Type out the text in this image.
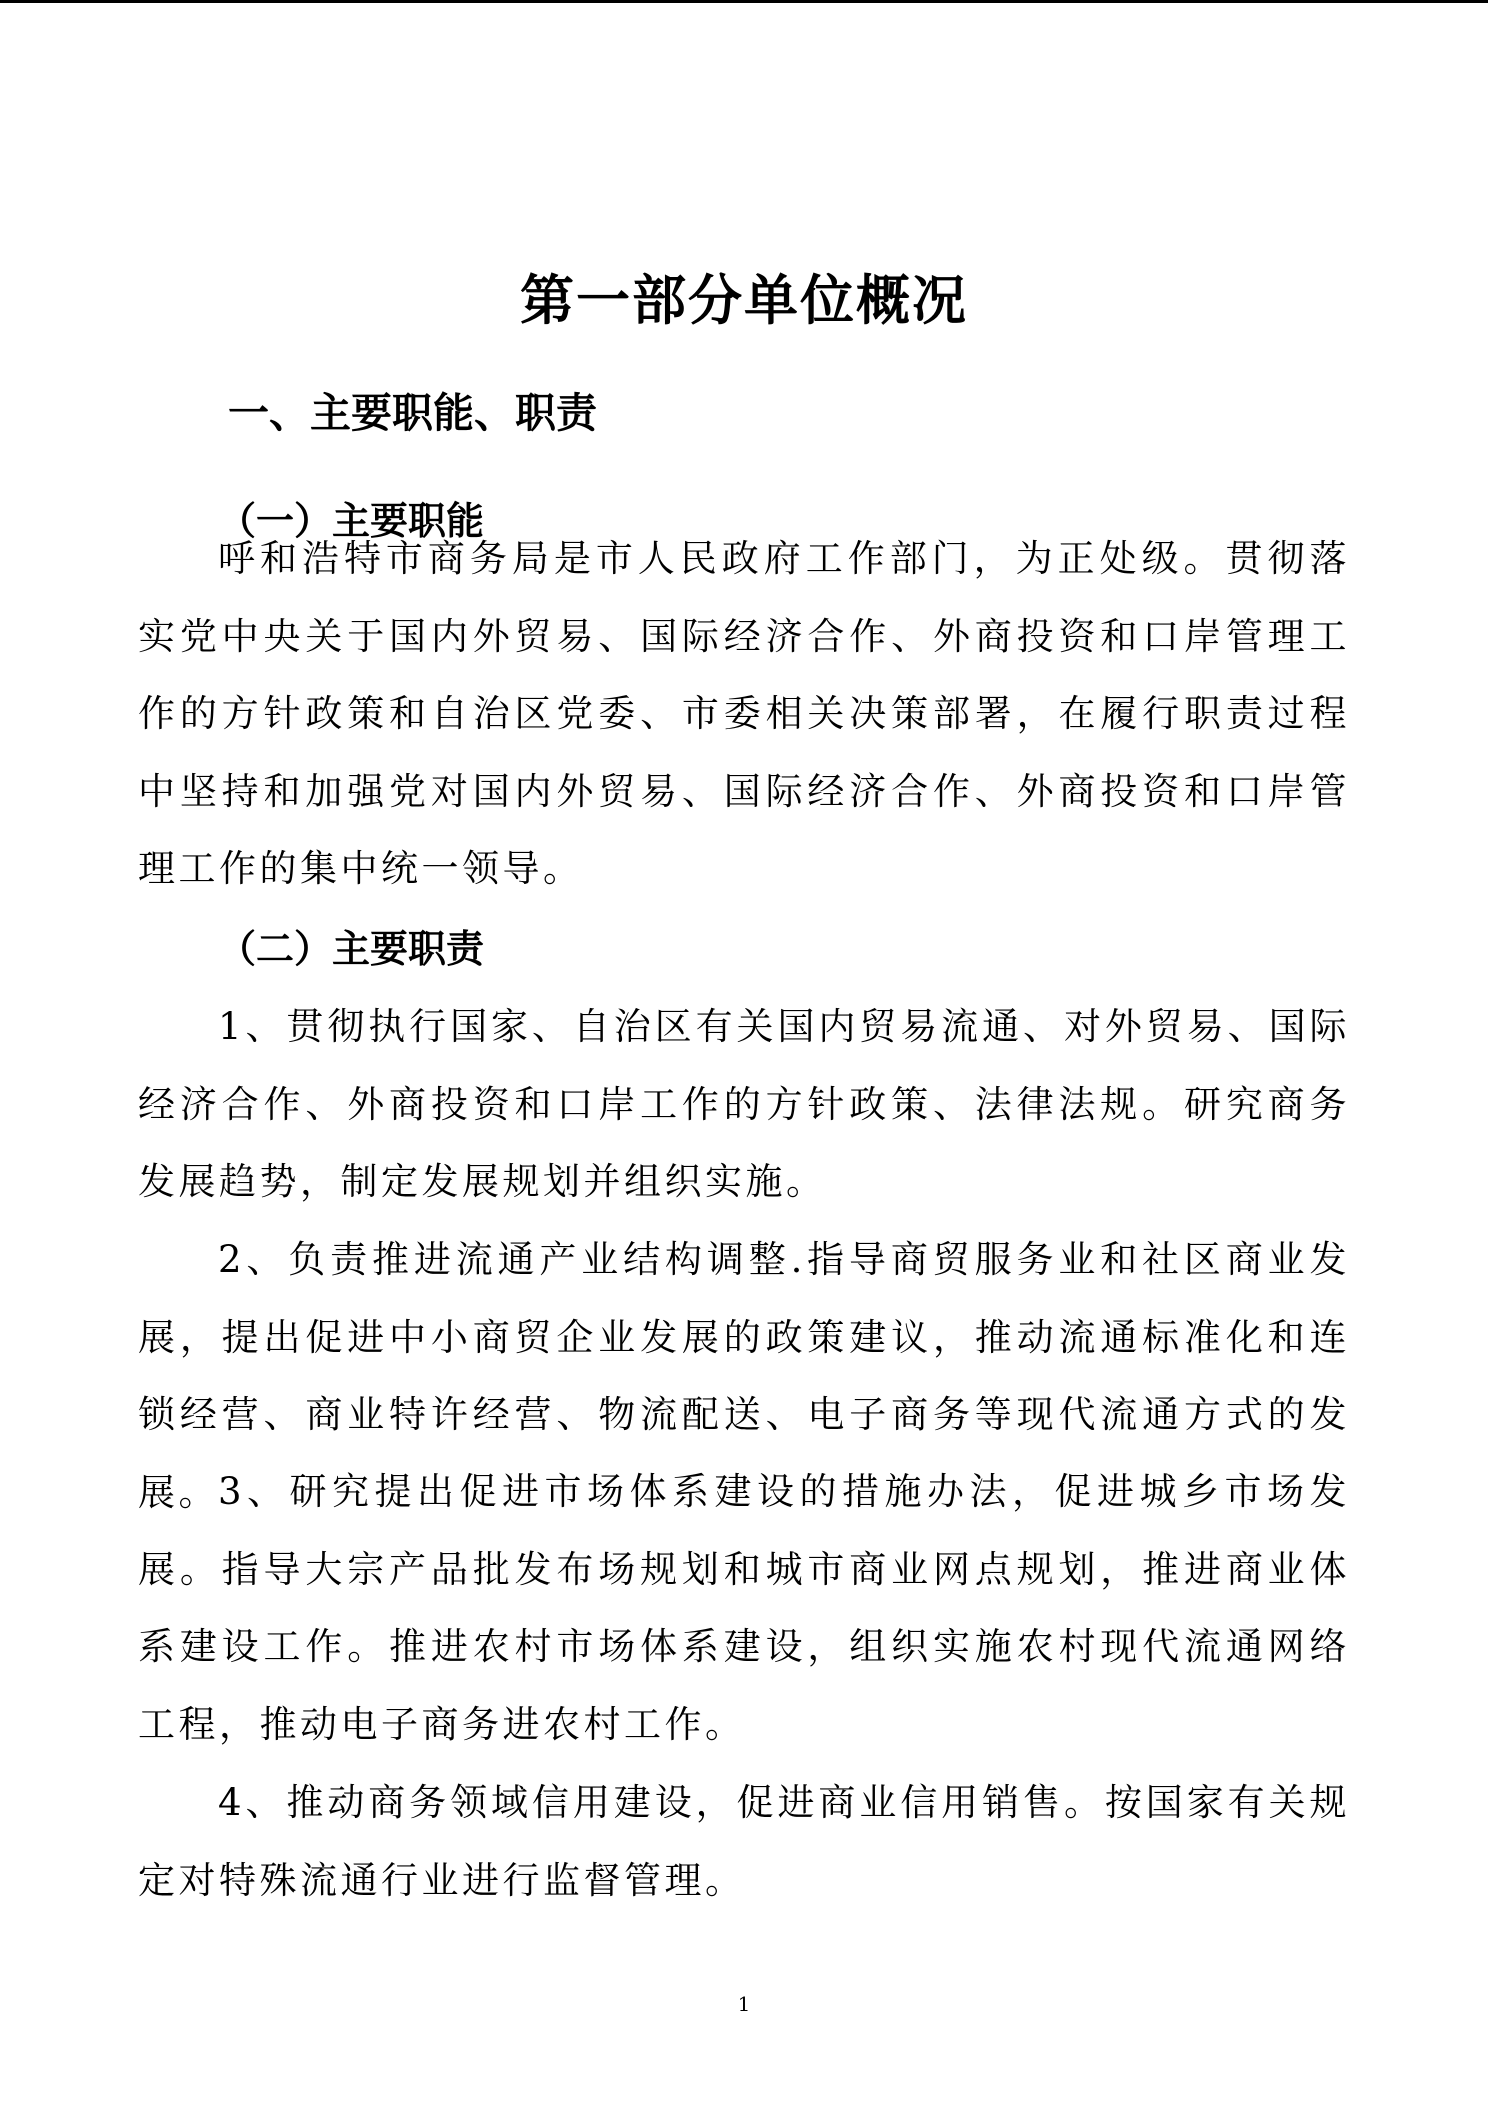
第一部分单位概况
一、主要职能、职责
（一）主要职能

呼和浩特市商务局是市人民政府工作部门，为正处级。贯彻落实党中央关于国内外贸易、国际经济合作、外商投资和口岸管理工作的方针政策和自治区党委、市委相关决策部署，在履行职责过程中坚持和加强党对国内外贸易、国际经济合作、外商投资和口岸管理工作的集中统一领导。

（二）主要职责

1、贯彻执行国家、自治区有关国内贸易流通、对外贸易、国际经济合作、外商投资和口岸工作的方针政策、法律法规。研究商务发展趋势，制定发展规划并组织实施。

2、负责推进流通产业结构调整.指导商贸服务业和社区商业发展，提出促进中小商贸企业发展的政策建议，推动流通标准化和连锁经营、商业特许经营、物流配送、电子商务等现代流通方式的发展。 3、研究提出促进市场体系建设的措施办法，促进城乡市场发展。指导大宗产品批发布场规划和城市商业网点规划，推进商业体系建设工作。推进农村市场体系建设，组织实施农村现代流通网络工程，推动电子商务进农村工作。

4、推动商务领域信用建设，促进商业信用销售。按国家有关规定对特殊流通行业进行监督管理。

1
